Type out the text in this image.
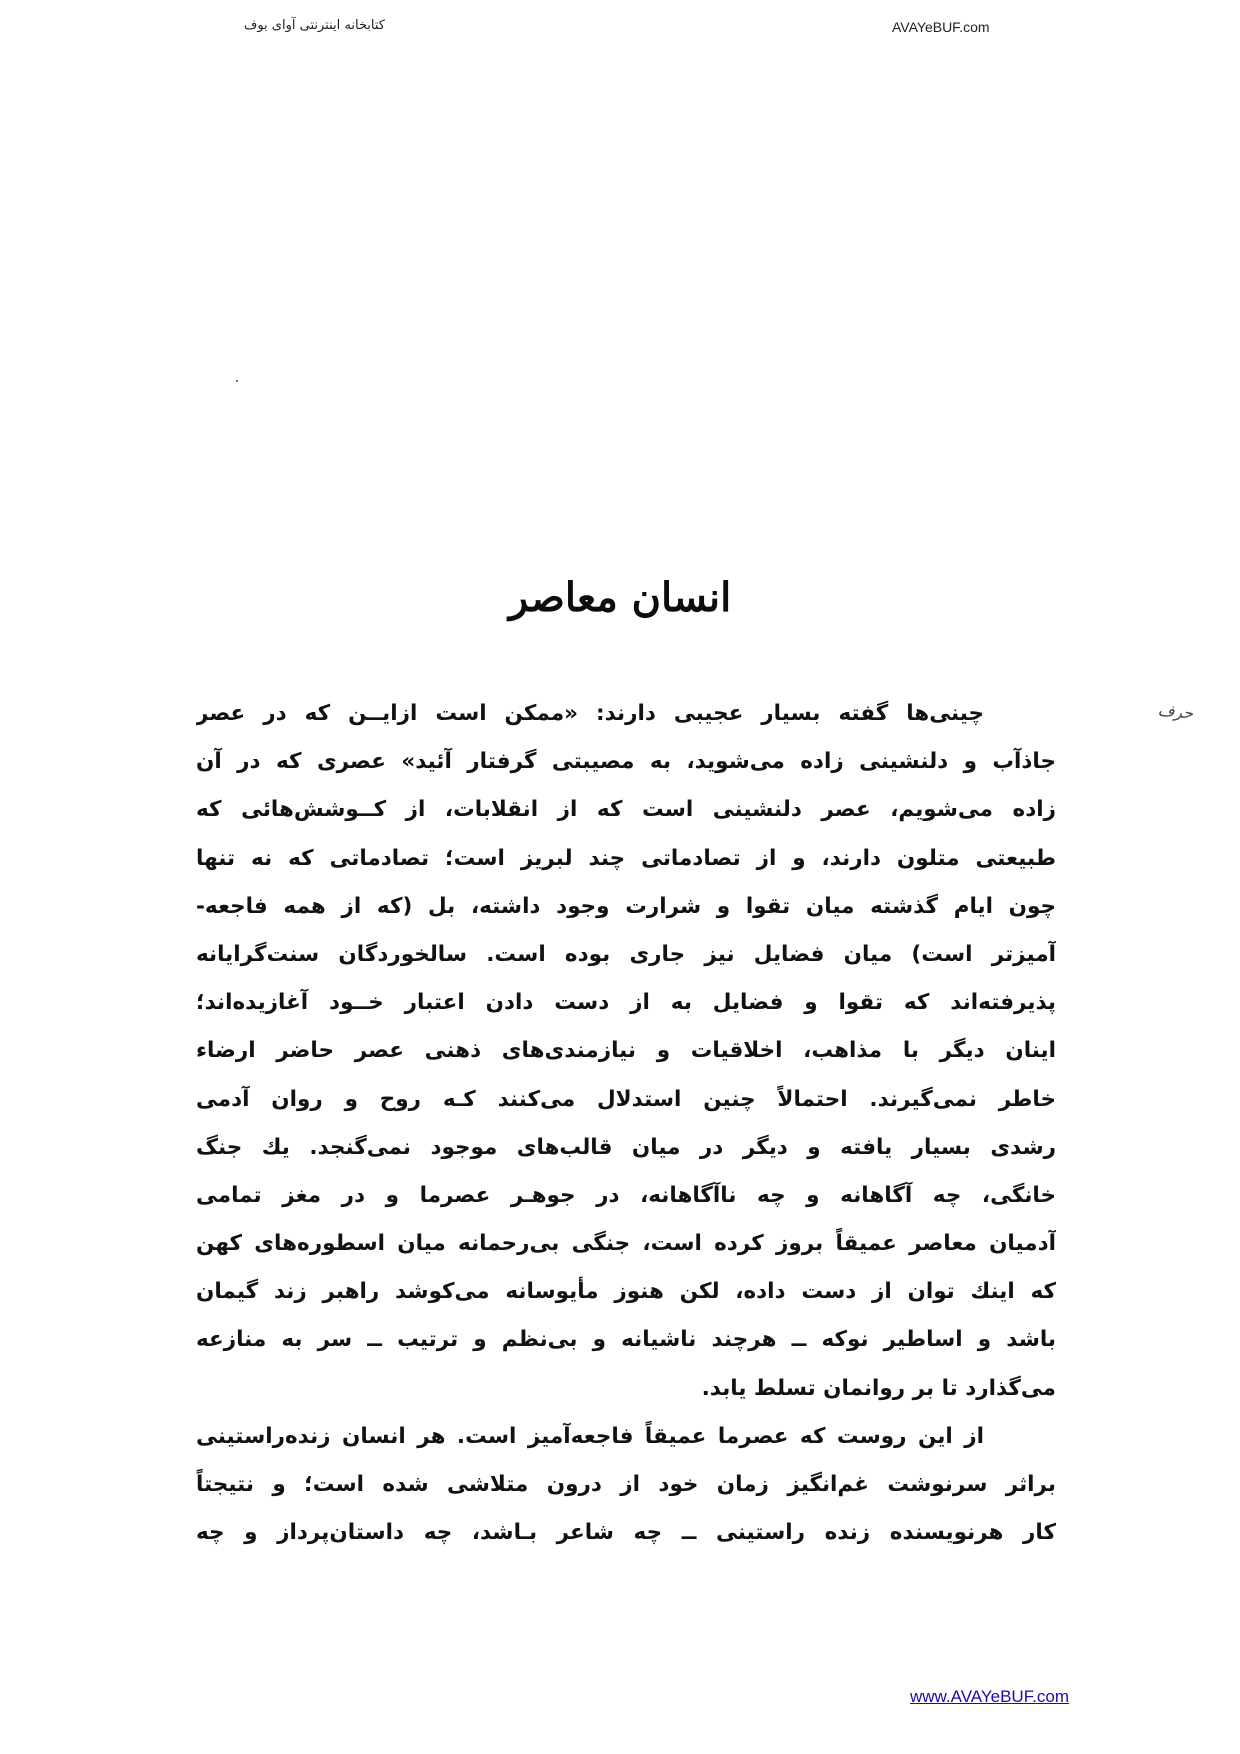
کتابخانه اینترنتی آوای بوف	AVAYeBUF.com
انسان معاصر
حرف
چینی‌ها گفته بسیار عجیبی دارند: «ممکن است ازایــن که در عصر
جاذآب و دلنشینی زاده می‌شوید، به مصیبتی گرفتار آئید» عصری که در آن
زاده می‌شویم، عصر دلنشینی است که از انقلابات، از کــوشش‌هائی که
طبیعتی متلون دارند، و از تصادماتی چند لبریز است؛ تصادماتی که نه تنها
چون ایام گذشته میان تقوا و شرارت وجود داشته، بل (که از همه فاجعه-
آمیزتر است) میان فضایل نیز جاری بوده است. سالخوردگان سنت‌گرایانه
پذیرفته‌اند که تقوا و فضایل به از دست دادن اعتبار خــود آغازیده‌اند؛
اینان دیگر با مذاهب، اخلاقیات و نیازمندی‌های ذهنی عصر حاضر ارضاء
خاطر نمی‌گیرند. احتمالاً چنین استدلال می‌کنند کـه روح و روان آدمی
رشدی بسیار یافته و دیگر در میان قالب‌های موجود نمی‌گنجد. یك جنگ
خانگی، چه آگاهانه و چه ناآگاهانه، در جوهـر عصرما و در مغز تمامی
آدمیان معاصر عمیقاً بروز کرده است، جنگی بی‌رحمانه میان اسطوره‌های کهن
که اینك توان از دست داده، لکن هنوز مأیوسانه می‌کوشد راهبر زند گیمان
باشد و اساطیر نوکه ــ هرچند ناشیانه و بی‌نظم و ترتیب ــ سر به منازعه
می‌گذارد تا بر روانمان تسلط یابد.
از این روست که عصرما عمیقاً فاجعه‌آمیز است. هر انسان زنده‌راستینی
براثر سرنوشت غم‌انگیز زمان خود از درون متلاشی شده است؛ و نتیجتاً
کار هرنویسنده زنده راستینی ــ چه شاعر بـاشد، چه داستان‌پرداز و چه
www.AVAYeBUF.com
